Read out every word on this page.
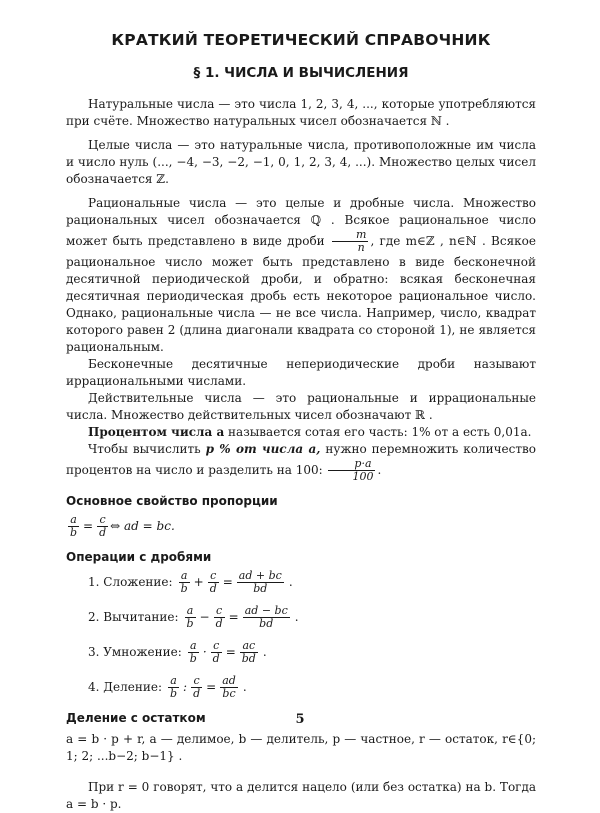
КРАТКИЙ ТЕОРЕТИЧЕСКИЙ СПРАВОЧНИК
§ 1. ЧИСЛА И ВЫЧИСЛЕНИЯ

Натуральные числа — это числа 1, 2, 3, 4, ..., которые употребляются при счёте. Множество натуральных чисел обозначается ℕ .

Целые числа — это натуральные числа, противоположные им числа и число нуль (..., −4, −3, −2, −1, 0, 1, 2, 3, 4, ...). Множество целых чисел обозначается ℤ.

Рациональные числа — это целые и дробные числа. Множество рациональных чисел обозначается ℚ . Всякое рациональное число может быть представлено в виде дроби $\frac{m}{n}$ , где m∈ℤ , n∈ℕ . Всякое рациональное число может быть представлено в виде бесконечной десятичной периодической дроби, и обратно: всякая бесконечная десятичная периодическая дробь есть некоторое рациональное число. Однако, рациональные числа — не все числа. Например, число, квадрат которого равен 2 (длина диагонали квадрата со стороной 1), не является рациональным.

Бесконечные десятичные непериодические дроби называют иррациональными числами.

Действительные числа — это рациональные и иррациональные числа. Множество действительных чисел обозначают ℝ .

Процентом числа a называется сотая его часть: 1% от a есть 0,01a.

Чтобы вычислить p % от числа a, нужно перемножить количество процентов на число и разделить на 100: $\frac{p\cdot a}{100}$ .

Основное свойство пропорции
$\frac{a}{b} = \frac{c}{d}$ ⇔ ad = bc.
Операции с дробями
1. Сложение: $\frac{a}{b} + \frac{c}{d} = \frac{ad + bc}{bd}$ .
2. Вычитание: $\frac{a}{b} - \frac{c}{d} = \frac{ad - bc}{bd}$ .
3. Умножение: $\frac{a}{b} \cdot \frac{c}{d} = \frac{ac}{bd}$ .
4. Деление: $\frac{a}{b}$ : $\frac{c}{d} = \frac{ad}{bc}$ .
Деление с остатком

a = b · p + r, a — делимое, b — делитель, p — частное, r — остаток, r∈{0; 1; 2; ...b−2; b−1} .

При r = 0 говорят, что a делится нацело (или без остатка) на b. Тогда a = b · p.

5
